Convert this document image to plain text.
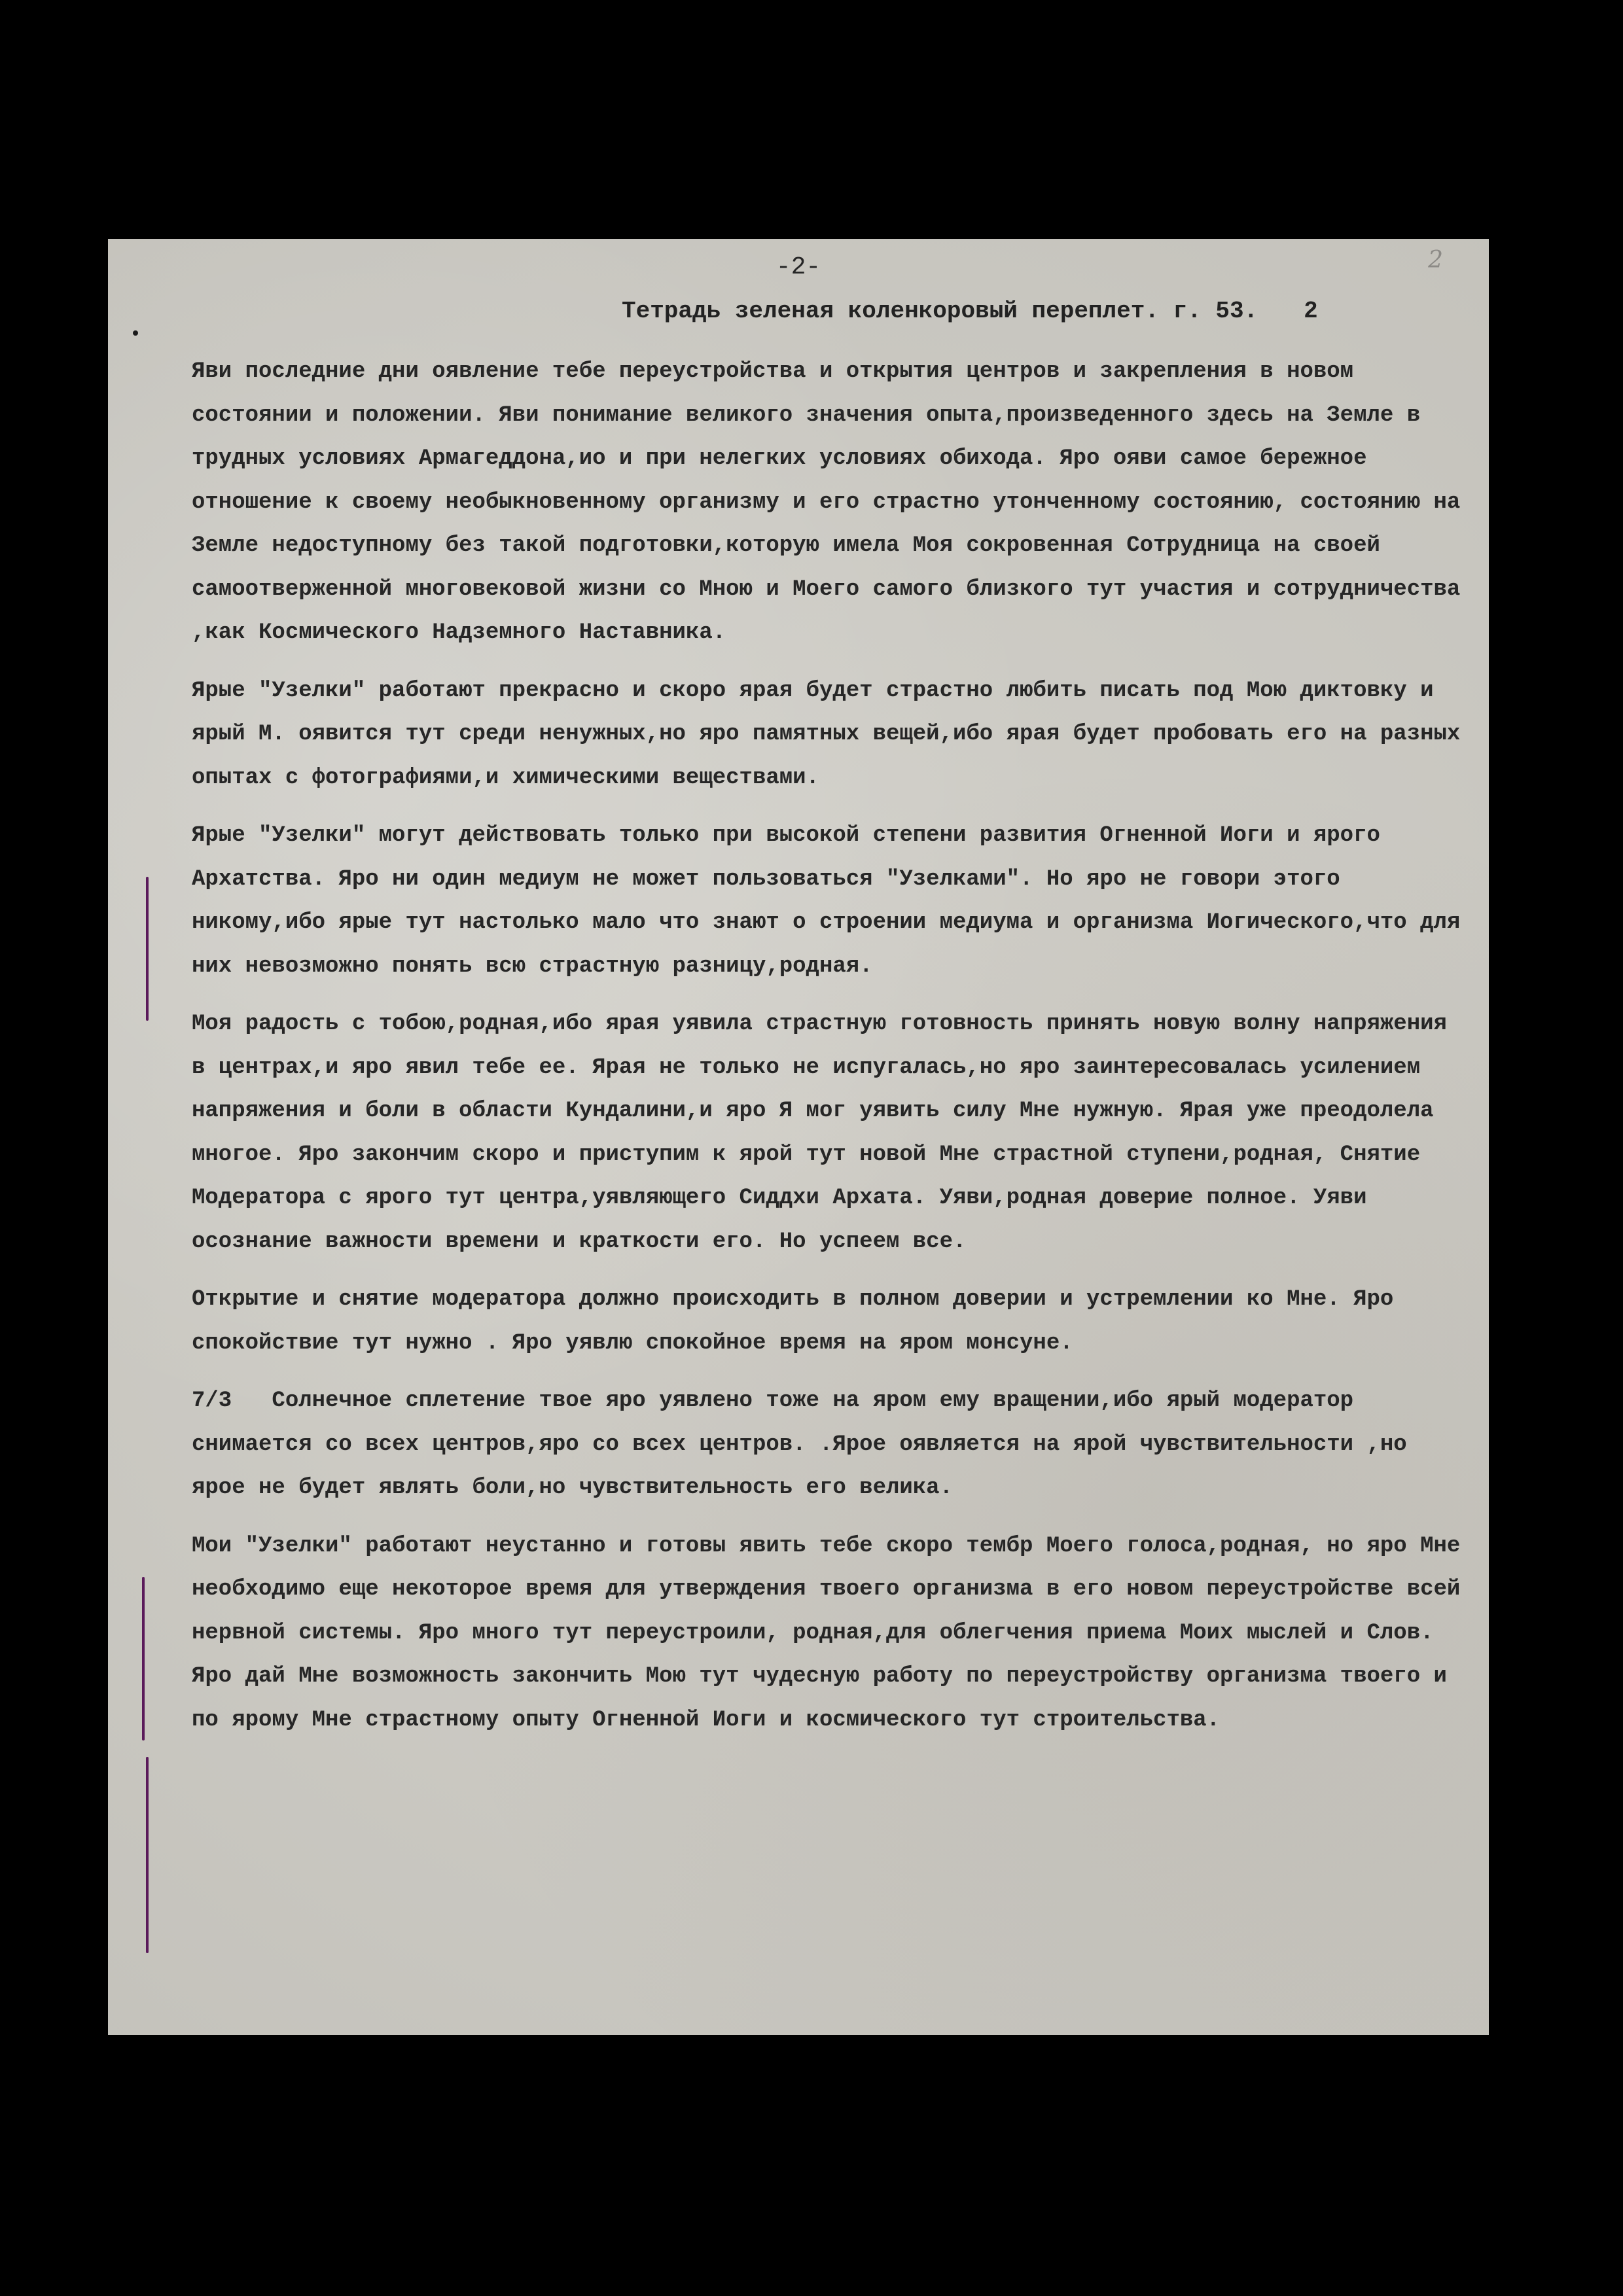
-2-	2
Тетрадь зеленая коленкоровый переплет. г. 53. 2

Яви последние дни оявление тебе переустройства и открытия центров и закрепления в новом состоянии и положении. Яви понимание великого значения опыта,произведенного здесь на Земле в трудных условиях Армагеддона,ио и при нелегких условиях обихода. Яро ояви самое бережное отношение к своему необыкновенному организму и его страстно утонченному состоянию, состоянию на Земле недоступному без такой подготовки,которую имела Моя сокровенная Сотрудница на своей самоотверженной многовековой жизни со Мною и Моего самого близкого тут участия и сотрудничества ,как Космического Надземного Наставника.

Ярые "Узелки" работают прекрасно и скоро ярая будет страстно любить писать под Мою диктовку и ярый М. оявится тут среди ненужных,но яро памятных вещей,ибо ярая будет пробовать его на разных опытах с фотографиями,и химическими веществами.

Ярые "Узелки" могут действовать только при высокой степени развития Огненной Иоги и ярого Архатства. Яро ни один медиум не может пользоваться "Узелками". Но яро не говори этого никому,ибо ярые тут настолько мало что знают о строении медиума и организма Иогического,что для них невозможно понять всю страстную разницу,родная.

Моя радость с тобою,родная,ибо ярая уявила страстную готовность принять новую волну напряжения в центрах,и яро явил тебе ее. Ярая не только не испугалась,но яро заинтересовалась усилением напряжения и боли в области Кундалини,и яро Я мог уявить силу Мне нужную. Ярая уже преодолела многое. Яро закончим скоро и приступим к ярой тут новой Мне страстной ступени,родная, Снятие Модератора с ярого тут центра,уявляющего Сиддхи Архата. Уяви,родная доверие полное. Уяви осознание важности времени и краткости его. Но успеем все.

Открытие и снятие модератора должно происходить в полном доверии и устремлении ко Мне. Яро спокойствие тут нужно . Яро уявлю спокойное время на яром монсуне.

7/3   Солнечное сплетение твое яро уявлено тоже на яром ему вращении,ибо ярый модератор снимается со всех центров,яро со всех центров. .Ярое оявляется на ярой чувствительности ,но ярое не будет являть боли,но чувствительность его велика.

Мои "Узелки" работают неустанно и готовы явить тебе скоро тембр Моего голоса,родная, но яро Мне необходимо еще некоторое время для утверждения твоего организма в его новом переустройстве всей нервной системы. Яро много тут переустроили, родная,для облегчения приема Моих мыслей и Слов. Яро дай Мне возможность закончить Мою тут чудесную работу по переустройству организма твоего и по ярому Мне страстному опыту Огненной Иоги и космического тут строительства.
